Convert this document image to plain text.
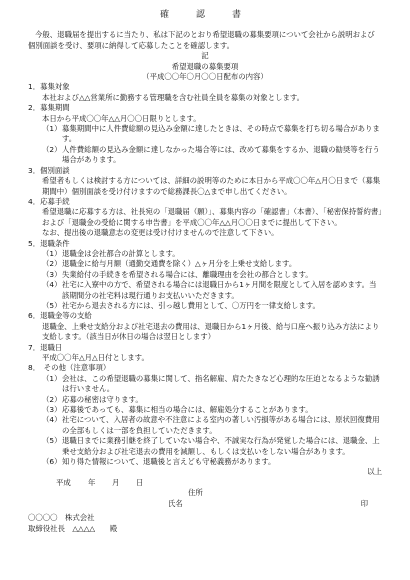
確　認　書

今般、退職届を提出するに当たり、私は下記のとおり希望退職の募集要項について会社から説明および個別面談を受け、要項に納得して応募したことを確認します。

記

希望退職の募集要項

（平成〇〇年〇月〇〇日配布の内容）

1．募集対象

本社および△△営業所に勤務する管理職を含む社員全員を募集の対象とします。

2．募集期間

本日から平成〇〇年△△月〇〇日限りとします。

（1） 募集期間中に人件費総額の見込み金額に達したときは、その時点で募集を打ち切る場合があります。
（2） 人件費総額の見込み金額に達しなかった場合等には、改めて募集をするか、退職の勧奨等を行う場合があります。

3．個別面談

希望者もしくは検討する方については、詳細の説明等のために本日から平成〇〇年△月〇日まで（募集期間中）個別面談を受け付けますので総務課長〇△まで申し出てください。

4．応募手続

希望退職に応募する方は、社長宛の「退職届（願）」、募集内容の「確認書」（本書）、「秘密保持誓約書」および「退職金の受給に関する申告書」を平成〇〇年△△月〇〇日までに提出して下さい。

なお、提出後の退職意志の変更は受け付けませんので注意して下さい。

5．退職条件

（1） 退職金は会社都合の計算とします。
（2） 退職金に給与月額（通勤交通費を除く）△ヶ月分を上乗せ支給します。
（3） 失業給付の手続きを希望される場合には、離職理由を会社の都合とします。
（4） 社宅に入寮中の方で、希望される場合には退職日から1ヶ月間を限度として入居を認めます。当該期間分の社宅料は現行通りお支払いいただきます。
（5） 社宅から退去される方には、引っ越し費用として、〇万円を一律支給します。

6．退職金等の支給

退職金、上乗せ支給分および社宅退去の費用は、退職日から1ヶ月後、給与口座へ振り込み方法により支給します。（該当日が休日の場合は翌日とします）

7．退職日

平成〇〇年△月△日付とします。

8．　その他（注意事項）

（1） 会社は、この希望退職の募集に関して、指名解雇、肩たたきなど心理的な圧迫となるような勧誘は行いません。
（2） 応募の秘密は守ります。
（3） 応募後であっても、募集に相当の場合には、解雇処分することがあります。
（4） 社宅について、入居者の故意や不注意による室内の著しい汚損等がある場合には、原状回復費用の全部もしくは一部を負担していただきます。
（5） 退職日までに業務引継を終了していない場合や、不誠実な行為が発覚した場合には、退職金、上乗せ支給分および社宅退去の費用を減額し、もしくは支払いをしない場合があります。
（6） 知り得た情報について、退職後と言えども守秘義務があります。

以上

平成	年	月	日
住所
氏名	印

〇〇〇〇　株式会社

取締役社長　△△△△　　殿
